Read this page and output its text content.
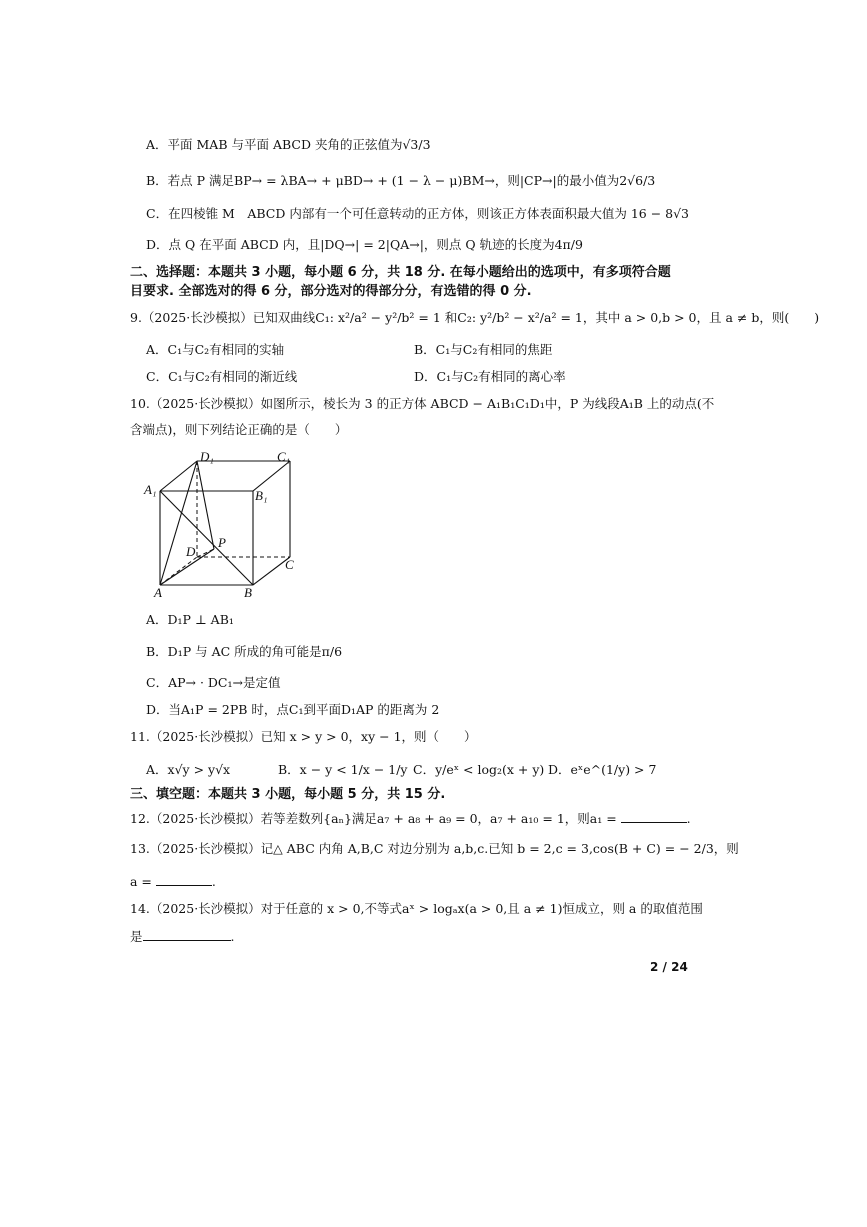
A．平面 MAB 与平面 ABCD 夹角的正弦值为√3/3
B．若点 P 满足BP→ = λBA→ + μBD→ + (1 − λ − μ)BM→，则|CP→|的最小值为2√6/3
C．在四棱锥 M　ABCD 内部有一个可任意转动的正方体，则该正方体表面积最大值为 16 − 8√3
D．点 Q 在平面 ABCD 内，且|DQ→| = 2|QA→|，则点 Q 轨迹的长度为4π/9
二、选择题：本题共 3 小题，每小题 6 分，共 18 分. 在每小题给出的选项中，有多项符合题
目要求. 全部选对的得 6 分，部分选对的得部分分，有选错的得 0 分.
9.（2025·长沙模拟）已知双曲线C₁: x²/a² − y²/b² = 1 和C₂: y²/b² − x²/a² = 1，其中 a > 0,b > 0，且 a ≠ b，则(　　)
A．C₁与C₂有相同的实轴	B．C₁与C₂有相同的焦距
C．C₁与C₂有相同的渐近线	D．C₁与C₂有相同的离心率
10.（2025·长沙模拟）如图所示，棱长为 3 的正方体 ABCD − A₁B₁C₁D₁中，P 为线段A₁B 上的动点(不
含端点)，则下列结论正确的是（　　）
D₁	C₁
A₁	B₁
D
P
C
A	B
A．D₁P ⊥ AB₁
B．D₁P 与 AC 所成的角可能是π/6
C．AP→ · DC₁→是定值
D．当A₁P = 2PB 时，点C₁到平面D₁AP 的距离为 2
11.（2025·长沙模拟）已知 x > y > 0，xy − 1，则（　　）
A．x√y > y√x	B．x − y < 1/x − 1/y C．y/eˣ < log₂(x + y) D．eˣe^(1/y) > 7
三、填空题：本题共 3 小题，每小题 5 分，共 15 分.
12.（2025·长沙模拟）若等差数列{aₙ}满足a₇ + a₈ + a₉ = 0，a₇ + a₁₀ = 1，则a₁ =	.
13.（2025·长沙模拟）记△ ABC 内角 A,B,C 对边分别为 a,b,c.已知 b = 2,c = 3,cos(B + C) = − 2/3，则
a =	.
14.（2025·长沙模拟）对于任意的 x > 0,不等式aˣ > logₐx(a > 0,且 a ≠ 1)恒成立，则 a 的取值范围
是	.
2 / 24
